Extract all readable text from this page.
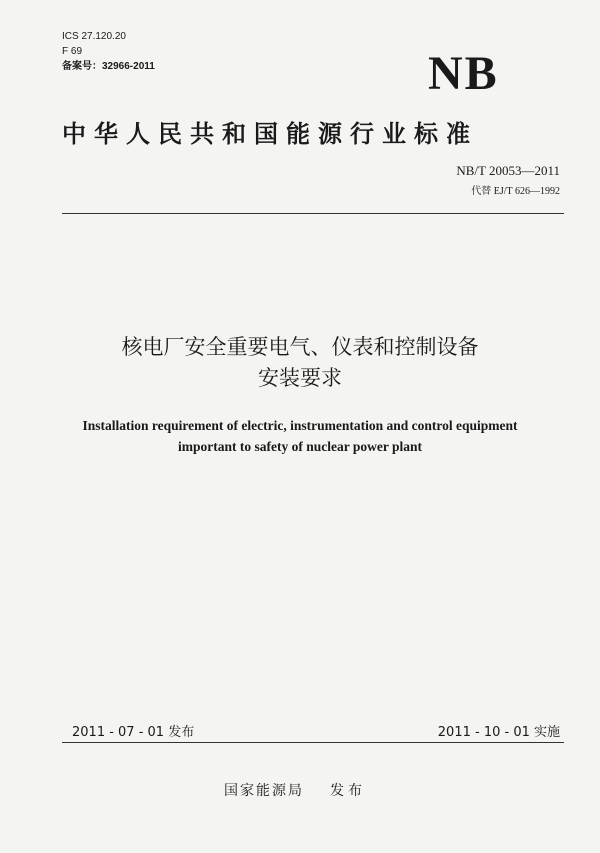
ICS 27.120.20
F 69
备案号：32966-2011	NB
中华人民共和国能源行业标准
NB/T 20053—2011
代替 EJ/T 626—1992
核电厂安全重要电气、仪表和控制设备
安装要求
Installation requirement of electric, instrumentation and control equipment
important to safety of nuclear power plant
2011 - 07 - 01 发布	2011 - 10 - 01 实施
国家能源局 发布
